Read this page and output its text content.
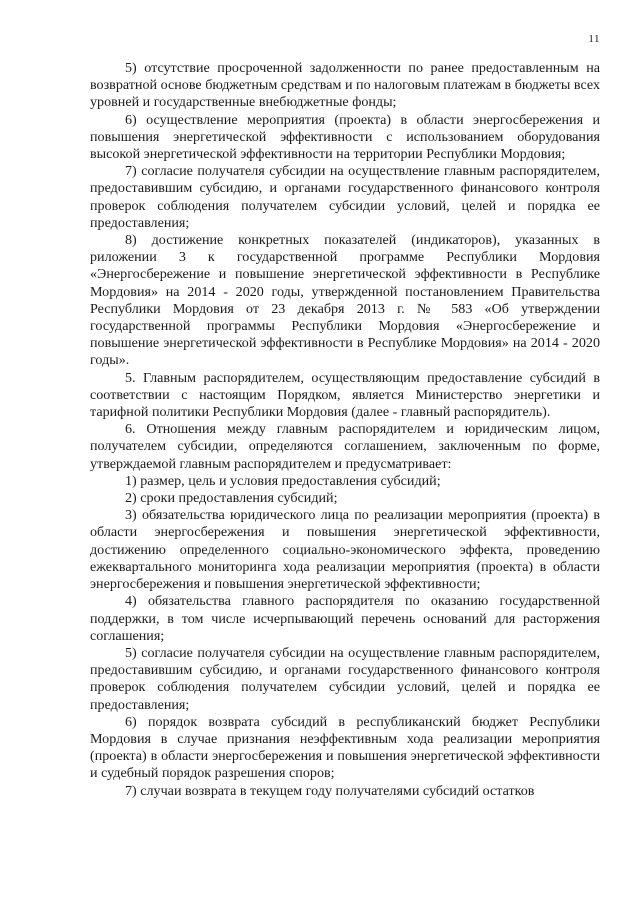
11

5) отсутствие просроченной задолженности по ранее предоставленным на возвратной основе бюджетным средствам и по налоговым платежам в бюджеты всех уровней и государственные внебюджетные фонды;

6) осуществление мероприятия (проекта) в области энергосбережения и повышения энергетической эффективности с использованием оборудования высокой энергетической эффективности на территории Республики Мордовия;

7) согласие получателя субсидии на осуществление главным распорядителем, предоставившим субсидию, и органами государственного финансового контроля проверок соблюдения получателем субсидии условий, целей и порядка ее предоставления;

8) достижение конкретных показателей (индикаторов), указанных в риложении 3 к государственной программе Республики Мордовия «Энергосбережение и повышение энергетической эффективности в Республике Мордовия» на 2014 - 2020 годы, утвержденной постановлением Правительства Республики Мордовия от 23 декабря 2013 г. № 583 «Об утверждении государственной программы Республики Мордовия «Энергосбережение и повышение энергетической эффективности в Республике Мордовия» на 2014 - 2020 годы».

5. Главным распорядителем, осуществляющим предоставление субсидий в соответствии с настоящим Порядком, является Министерство энергетики и тарифной политики Республики Мордовия (далее - главный распорядитель).

6. Отношения между главным распорядителем и юридическим лицом, получателем субсидии, определяются соглашением, заключенным по форме, утверждаемой главным распорядителем и предусматривает:

1) размер, цель и условия предоставления субсидий;

2) сроки предоставления субсидий;

3) обязательства юридического лица по реализации мероприятия (проекта) в области энергосбережения и повышения энергетической эффективности, достижению определенного социально-экономического эффекта, проведению ежеквартального мониторинга хода реализации мероприятия (проекта) в области энергосбережения и повышения энергетической эффективности;

4) обязательства главного распорядителя по оказанию государственной поддержки, в том числе исчерпывающий перечень оснований для расторжения соглашения;

5) согласие получателя субсидии на осуществление главным распорядителем, предоставившим субсидию, и органами государственного финансового контроля проверок соблюдения получателем субсидии условий, целей и порядка ее предоставления;

6) порядок возврата субсидий в республиканский бюджет Республики Мордовия в случае признания неэффективным хода реализации мероприятия (проекта) в области энергосбережения и повышения энергетической эффективности и судебный порядок разрешения споров;

7) случаи возврата в текущем году получателями субсидий остатков
